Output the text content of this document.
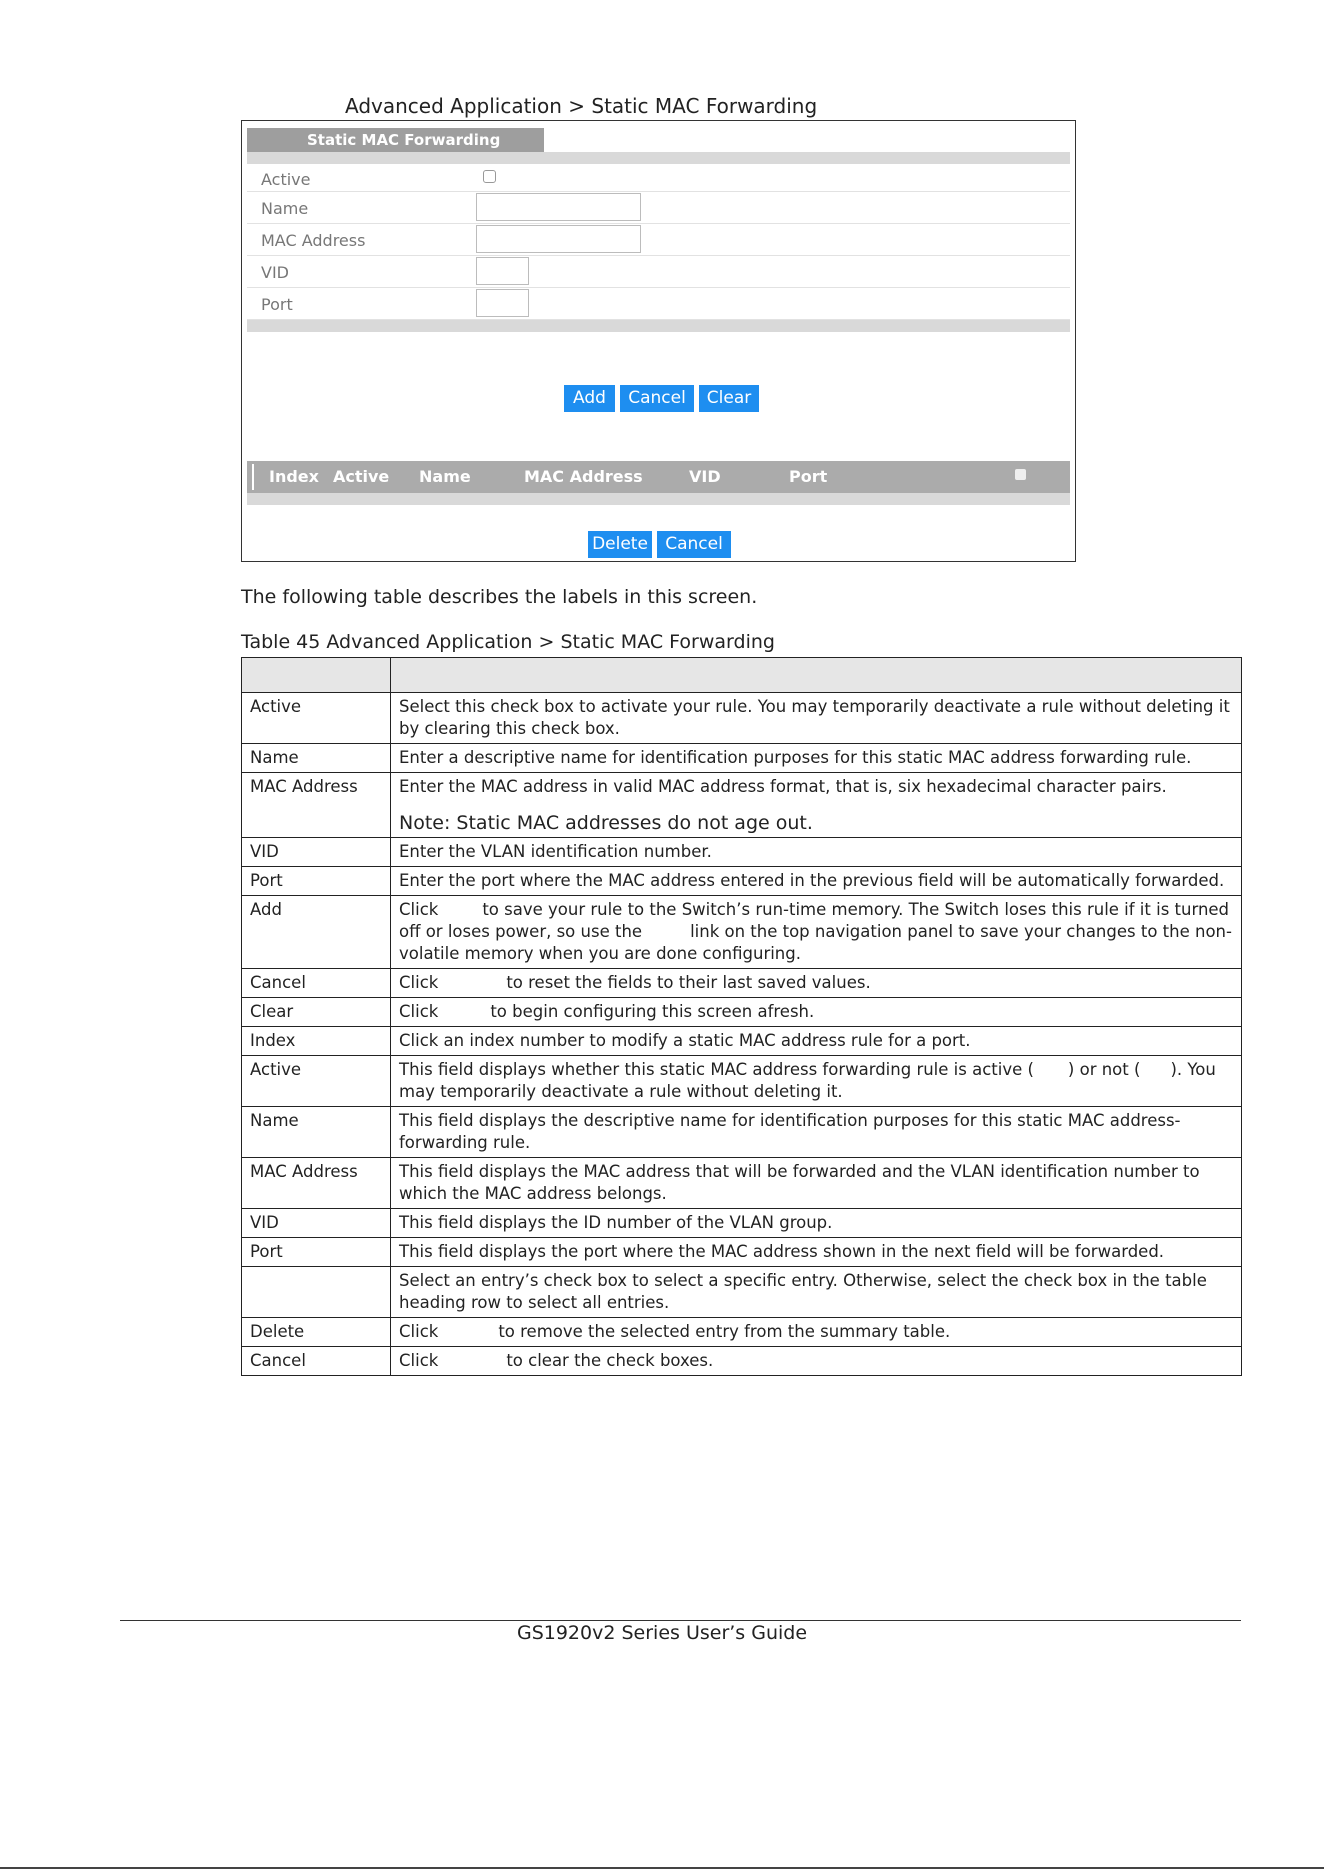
Advanced Application > Static MAC Forwarding
Static MAC Forwarding
Active
Name
MAC Address
VID
Port
Add	Cancel	Clear
Index Active Name	MAC Address	VID	Port
Delete	Cancel
The following table describes the labels in this screen.
Table 45 Advanced Application > Static MAC Forwarding

Active	Select this check box to activate your rule. You may temporarily deactivate a rule without deleting it by clearing this check box.
Name	Enter a descriptive name for identification purposes for this static MAC address forwarding rule.
MAC Address	Enter the MAC address in valid MAC address format, that is, six hexadecimal character pairs.
Note: Static MAC addresses do not age out.

VID	Enter the VLAN identification number.
Port	Enter the port where the MAC address entered in the previous field will be automatically forwarded.
Add	Click to save your rule to the Switch’s run-time memory. The Switch loses this rule if it is turned off or loses power, so use the link on the top navigation panel to save your changes to the non-volatile memory when you are done configuring.
Cancel	Click to reset the fields to their last saved values.
Clear	Click to begin configuring this screen afresh.
Index	Click an index number to modify a static MAC address rule for a port.
Active	This field displays whether this static MAC address forwarding rule is active ( ) or not ( ). You may temporarily deactivate a rule without deleting it.
Name	This field displays the descriptive name for identification purposes for this static MAC address-forwarding rule.
MAC Address	This field displays the MAC address that will be forwarded and the VLAN identification number to which the MAC address belongs.
VID	This field displays the ID number of the VLAN group.
Port	This field displays the port where the MAC address shown in the next field will be forwarded.
	Select an entry’s check box to select a specific entry. Otherwise, select the check box in the table heading row to select all entries.
Delete	Click to remove the selected entry from the summary table.
Cancel	Click to clear the check boxes.
GS1920v2 Series User’s Guide
